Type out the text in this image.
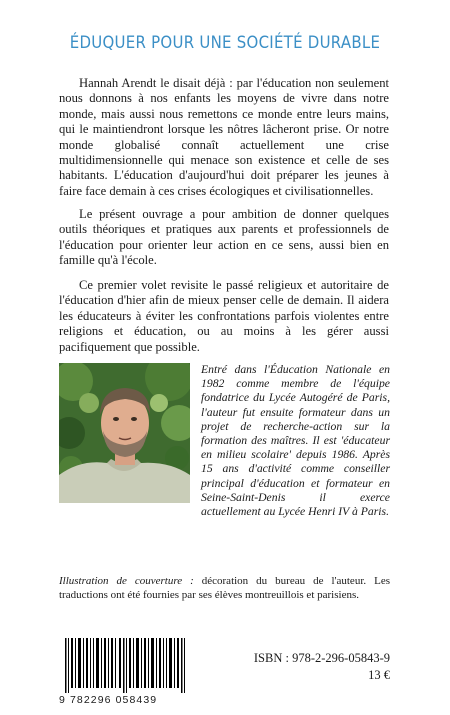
ÉDUQUER POUR UNE SOCIÉTÉ DURABLE

Hannah Arendt le disait déjà : par l'éducation non seulement nous donnons à nos enfants les moyens de vivre dans notre monde, mais aussi nous remettons ce monde entre leurs mains, qui le maintiendront lorsque les nôtres lâcheront prise. Or notre monde globalisé connaît actuellement une crise multidimensionnelle qui menace son existence et celle de ses habitants. L'éducation d'aujourd'hui doit préparer les jeunes à faire face demain à ces crises écologiques et civilisationnelles.

Le présent ouvrage a pour ambition de donner quelques outils théoriques et pratiques aux parents et professionnels de l'éducation pour orienter leur action en ce sens, aussi bien en famille qu'à l'école.

Ce premier volet revisite le passé religieux et autoritaire de l'éducation d'hier afin de mieux penser celle de demain. Il aidera les éducateurs à éviter les confrontations parfois violentes entre religions et éducation, ou au moins à les gérer aussi pacifiquement que possible.

Entré dans l'Éducation Nationale en 1982 comme membre de l'équipe fondatrice du Lycée Autogéré de Paris, l'auteur fut ensuite formateur dans un projet de recherche-action sur la formation des maîtres. Il est 'éducateur en milieu scolaire' depuis 1986. Après 15 ans d'activité comme conseiller principal d'éducation et formateur en Seine-Saint-Denis il exerce actuellement au Lycée Henri IV à Paris.

Illustration de couverture : décoration du bureau de l'auteur. Les traductions ont été fournies par ses élèves montreuillois et parisiens.

9 782296 058439
ISBN : 978-2-296-05843-9
13 €
